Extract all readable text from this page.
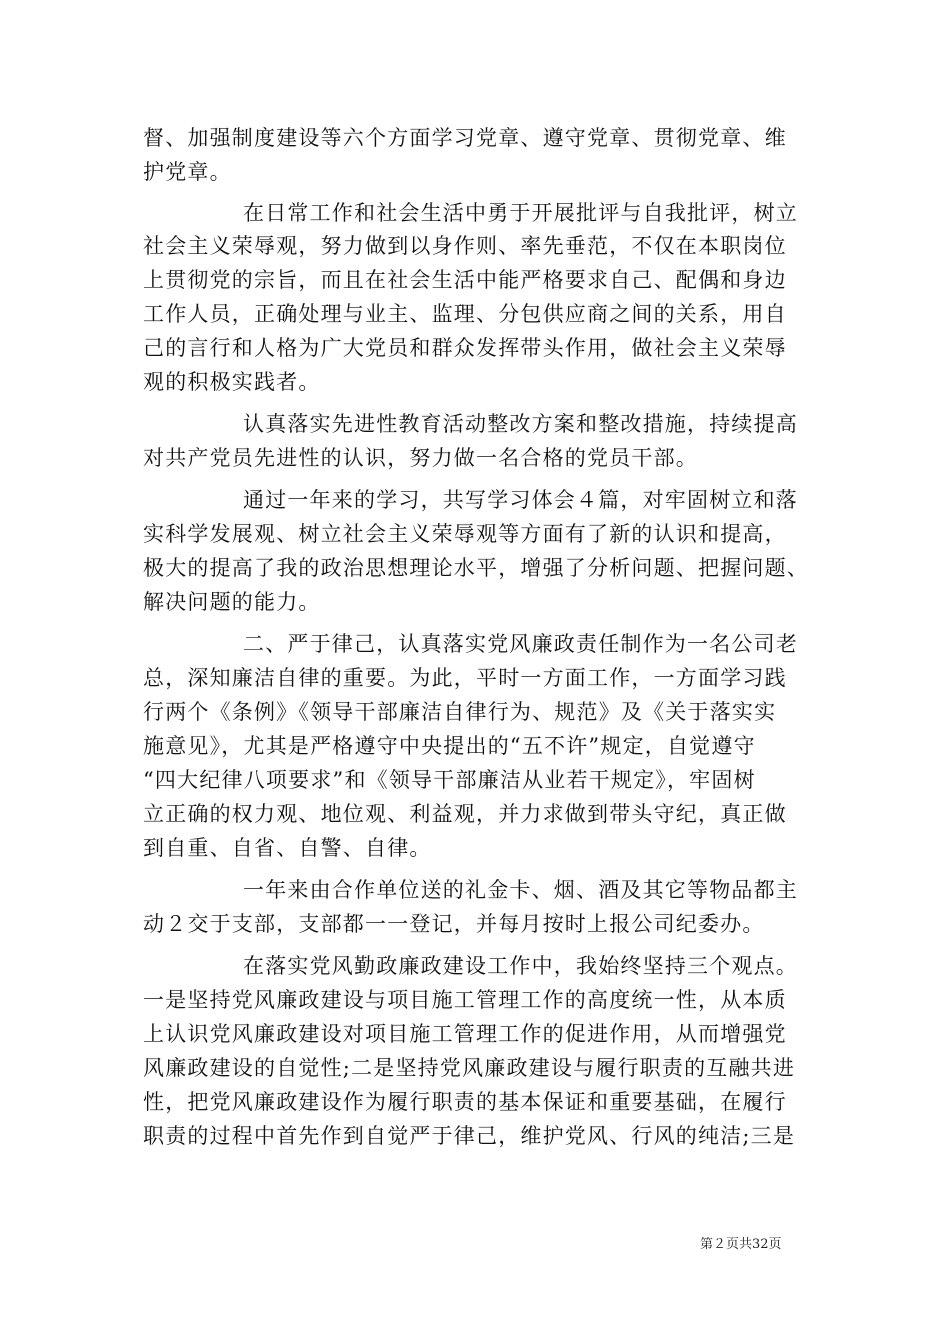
督、加强制度建设等六个方面学习党章、遵守党章、贯彻党章、维
护党章。
在日常工作和社会生活中勇于开展批评与自我批评，树立
社会主义荣辱观，努力做到以身作则、率先垂范，不仅在本职岗位
上贯彻党的宗旨，而且在社会生活中能严格要求自己、配偶和身边
工作人员，正确处理与业主、监理、分包供应商之间的关系，用自
己的言行和人格为广大党员和群众发挥带头作用，做社会主义荣辱
观的积极实践者。
认真落实先进性教育活动整改方案和整改措施，持续提高
对共产党员先进性的认识，努力做一名合格的党员干部。
通过一年来的学习，共写学习体会４篇，对牢固树立和落
实科学发展观、树立社会主义荣辱观等方面有了新的认识和提高，
极大的提高了我的政治思想理论水平，增强了分析问题、把握问题、
解决问题的能力。
二、严于律己，认真落实党风廉政责任制作为一名公司老
总，深知廉洁自律的重要。为此，平时一方面工作，一方面学习践
行两个《条例》《领导干部廉洁自律行为、规范》及《关于落实实
施意见》，尤其是严格遵守中央提出的“五不许”规定，自觉遵守
“四大纪律八项要求”和《领导干部廉洁从业若干规定》，牢固树
立正确的权力观、地位观、利益观，并力求做到带头守纪，真正做
到自重、自省、自警、自律。
一年来由合作单位送的礼金卡、烟、酒及其它等物品都主
动２交于支部，支部都一一登记，并每月按时上报公司纪委办。
在落实党风勤政廉政建设工作中，我始终坚持三个观点。
一是坚持党风廉政建设与项目施工管理工作的高度统一性，从本质
上认识党风廉政建设对项目施工管理工作的促进作用，从而增强党
风廉政建设的自觉性;二是坚持党风廉政建设与履行职责的互融共进
性，把党风廉政建设作为履行职责的基本保证和重要基础，在履行
职责的过程中首先作到自觉严于律己，维护党风、行风的纯洁;三是
第２页共32页
